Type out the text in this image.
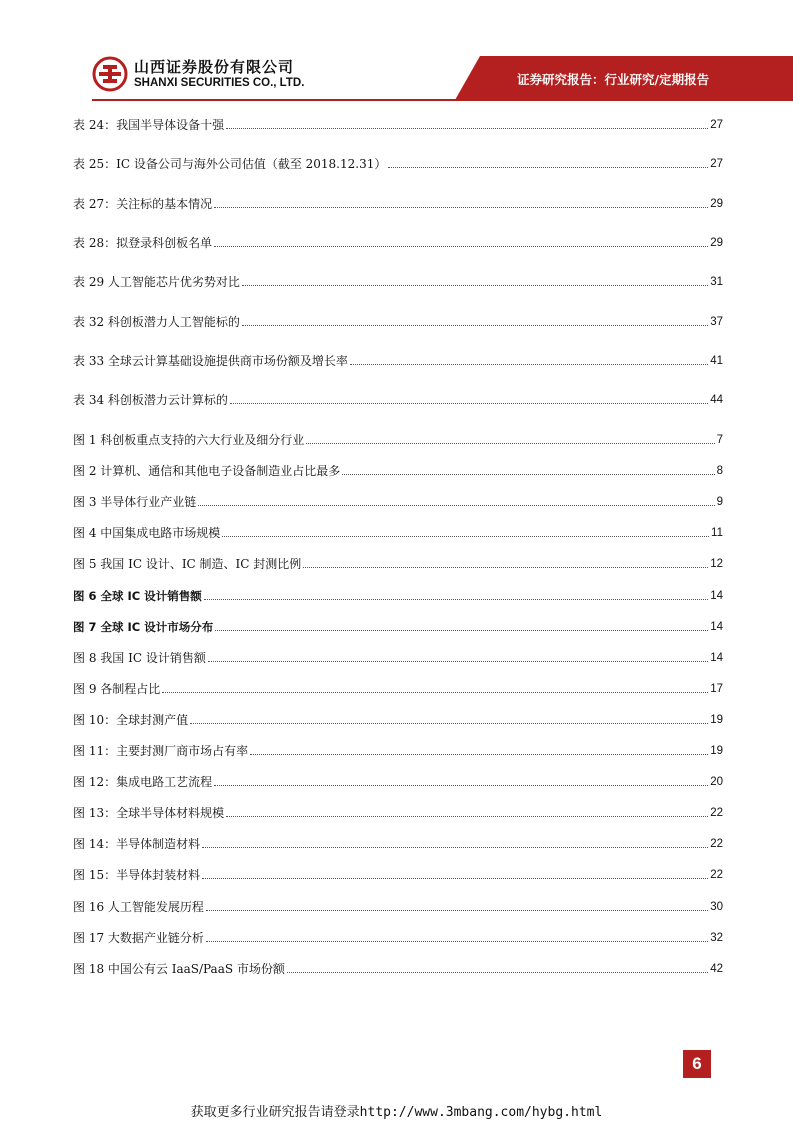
山西证券股份有限公司
SHANXI SECURITIES CO., LTD.	证券研究报告：行业研究/定期报告
表 24：我国半导体设备十强	27
表 25：IC 设备公司与海外公司估值（截至 2018.12.31）	27
表 27：关注标的基本情况	29
表 28：拟登录科创板名单	29
表 29 人工智能芯片优劣势对比	31
表 32 科创板潜力人工智能标的	37
表 33 全球云计算基础设施提供商市场份额及增长率	41
表 34 科创板潜力云计算标的	44
图 1 科创板重点支持的六大行业及细分行业	7
图 2 计算机、通信和其他电子设备制造业占比最多	8
图 3 半导体行业产业链	9
图 4 中国集成电路市场规模	11
图 5 我国 IC 设计、IC 制造、IC 封测比例	12
图 6 全球 IC 设计销售额	14
图 7 全球 IC 设计市场分布	14
图 8 我国 IC 设计销售额	14
图 9 各制程占比	17
图 10：全球封测产值	19
图 11：主要封测厂商市场占有率	19
图 12：集成电路工艺流程	20
图 13：全球半导体材料规模	22
图 14：半导体制造材料	22
图 15：半导体封装材料	22
图 16 人工智能发展历程	30
图 17 大数据产业链分析	32
图 18 中国公有云 IaaS/PaaS 市场份额	42
6
获取更多行业研究报告请登录http://www.3mbang.com/hybg.html
